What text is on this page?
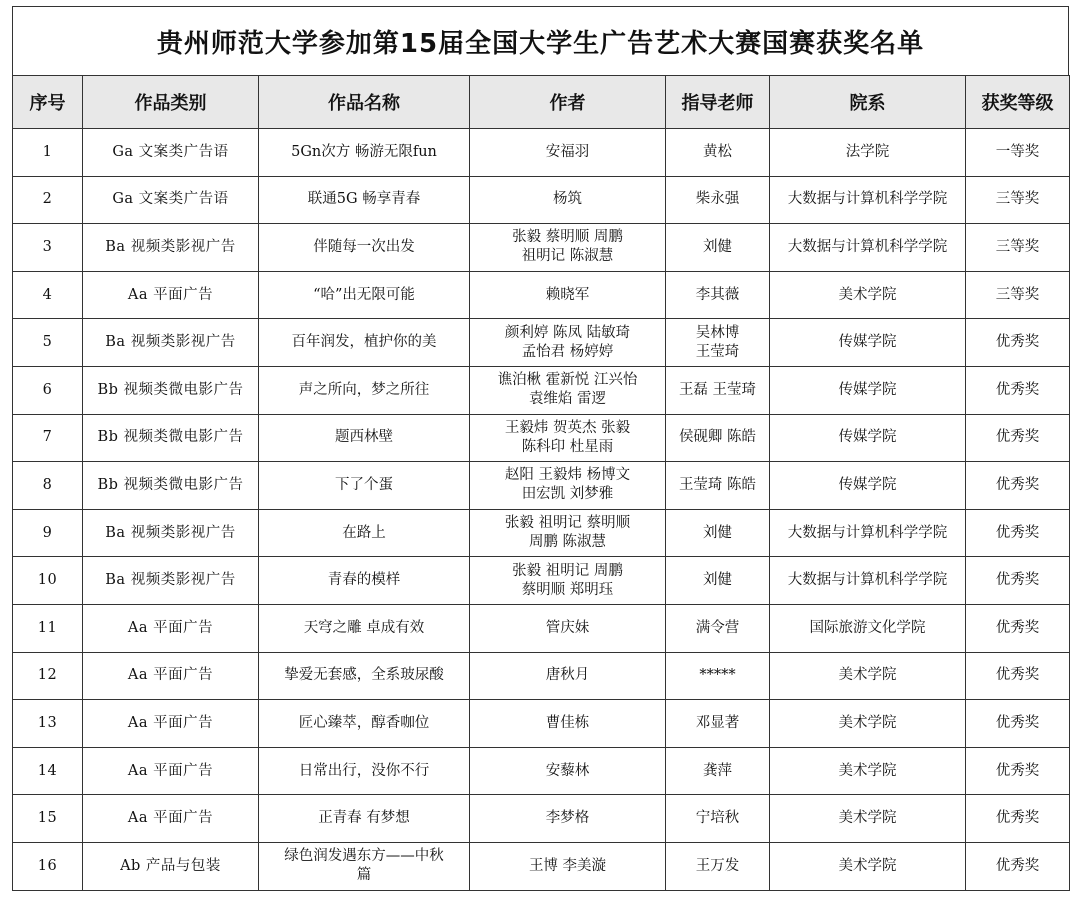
贵州师范大学参加第15届全国大学生广告艺术大赛国赛获奖名单
序号	作品类别	作品名称	作者	指导老师	院系	获奖等级
1	Ga 文案类广告语	5Gn次方 畅游无限fun	安福羽	黄松	法学院	一等奖
2	Ga 文案类广告语	联通5G 畅享青春	杨筑	柴永强	大数据与计算机科学学院	三等奖
3	Ba 视频类影视广告	伴随每一次出发	张毅 蔡明顺 周鹏
祖明记 陈淑慧	刘健	大数据与计算机科学学院	三等奖
4	Aa 平面广告	“哈”出无限可能	赖晓军	李其薇	美术学院	三等奖
5	Ba 视频类影视广告	百年润发，植护你的美	颜利婷 陈凤 陆敏琦
孟怡君 杨婷婷	吴林博
王莹琦	传媒学院	优秀奖
6	Bb 视频类微电影广告	声之所向，梦之所往	谯泊楸 霍新悦 江兴怡
袁维焰 雷逻	王磊 王莹琦	传媒学院	优秀奖
7	Bb 视频类微电影广告	题西林壁	王毅炜 贺英杰 张毅
陈科印 杜星雨	侯砚卿 陈皓	传媒学院	优秀奖
8	Bb 视频类微电影广告	下了个蛋	赵阳 王毅炜 杨博文
田宏凯 刘梦雅	王莹琦 陈皓	传媒学院	优秀奖
9	Ba 视频类影视广告	在路上	张毅 祖明记 蔡明顺
周鹏 陈淑慧	刘健	大数据与计算机科学学院	优秀奖
10	Ba 视频类影视广告	青春的模样	张毅 祖明记 周鹏
蔡明顺 郑明珏	刘健	大数据与计算机科学学院	优秀奖
11	Aa 平面广告	天穹之雕 卓成有效	管庆妹	满令营	国际旅游文化学院	优秀奖
12	Aa 平面广告	挚爱无套感，全系玻尿酸	唐秋月	*****	美术学院	优秀奖
13	Aa 平面广告	匠心臻萃，醇香咖位	曹佳栋	邓显著	美术学院	优秀奖
14	Aa 平面广告	日常出行，没你不行	安藜林	龚萍	美术学院	优秀奖
15	Aa 平面广告	正青春 有梦想	李梦格	宁培秋	美术学院	优秀奖
16	Ab 产品与包装	绿色润发遇东方——中秋
篇	王博 李美漩	王万发	美术学院	优秀奖
